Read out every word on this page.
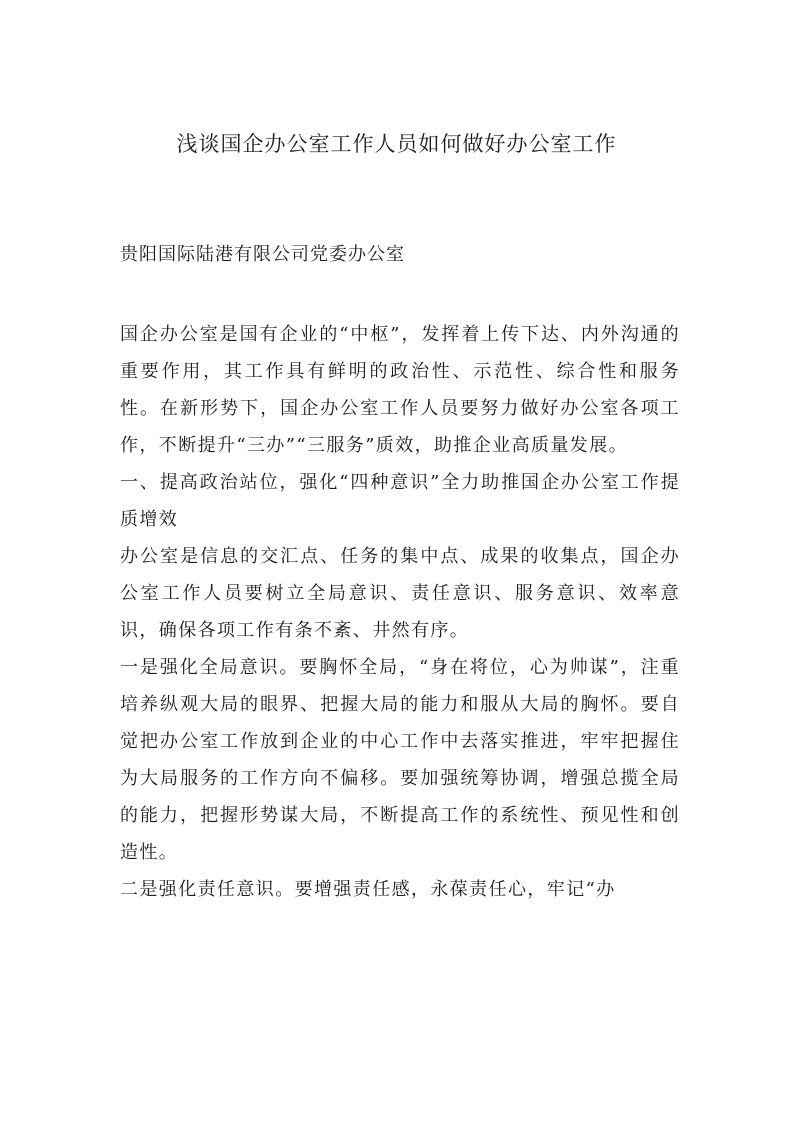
浅谈国企办公室工作人员如何做好办公室工作
贵阳国际陆港有限公司党委办公室

国企办公室是国有企业的“中枢”，发挥着上传下达、内外沟通的重要作用，其工作具有鲜明的政治性、示范性、综合性和服务性。在新形势下，国企办公室工作人员要努力做好办公室各项工作，不断提升“三办”“三服务”质效，助推企业高质量发展。

一、提高政治站位，强化“四种意识”全力助推国企办公室工作提质增效

办公室是信息的交汇点、任务的集中点、成果的收集点，国企办公室工作人员要树立全局意识、责任意识、服务意识、效率意识，确保各项工作有条不紊、井然有序。

一是强化全局意识。要胸怀全局，“身在将位，心为帅谋”，注重培养纵观大局的眼界、把握大局的能力和服从大局的胸怀。要自觉把办公室工作放到企业的中心工作中去落实推进，牢牢把握住为大局服务的工作方向不偏移。要加强统筹协调，增强总揽全局的能力，把握形势谋大局，不断提高工作的系统性、预见性和创造性。

二是强化责任意识。要增强责任感，永葆责任心，牢记“办
